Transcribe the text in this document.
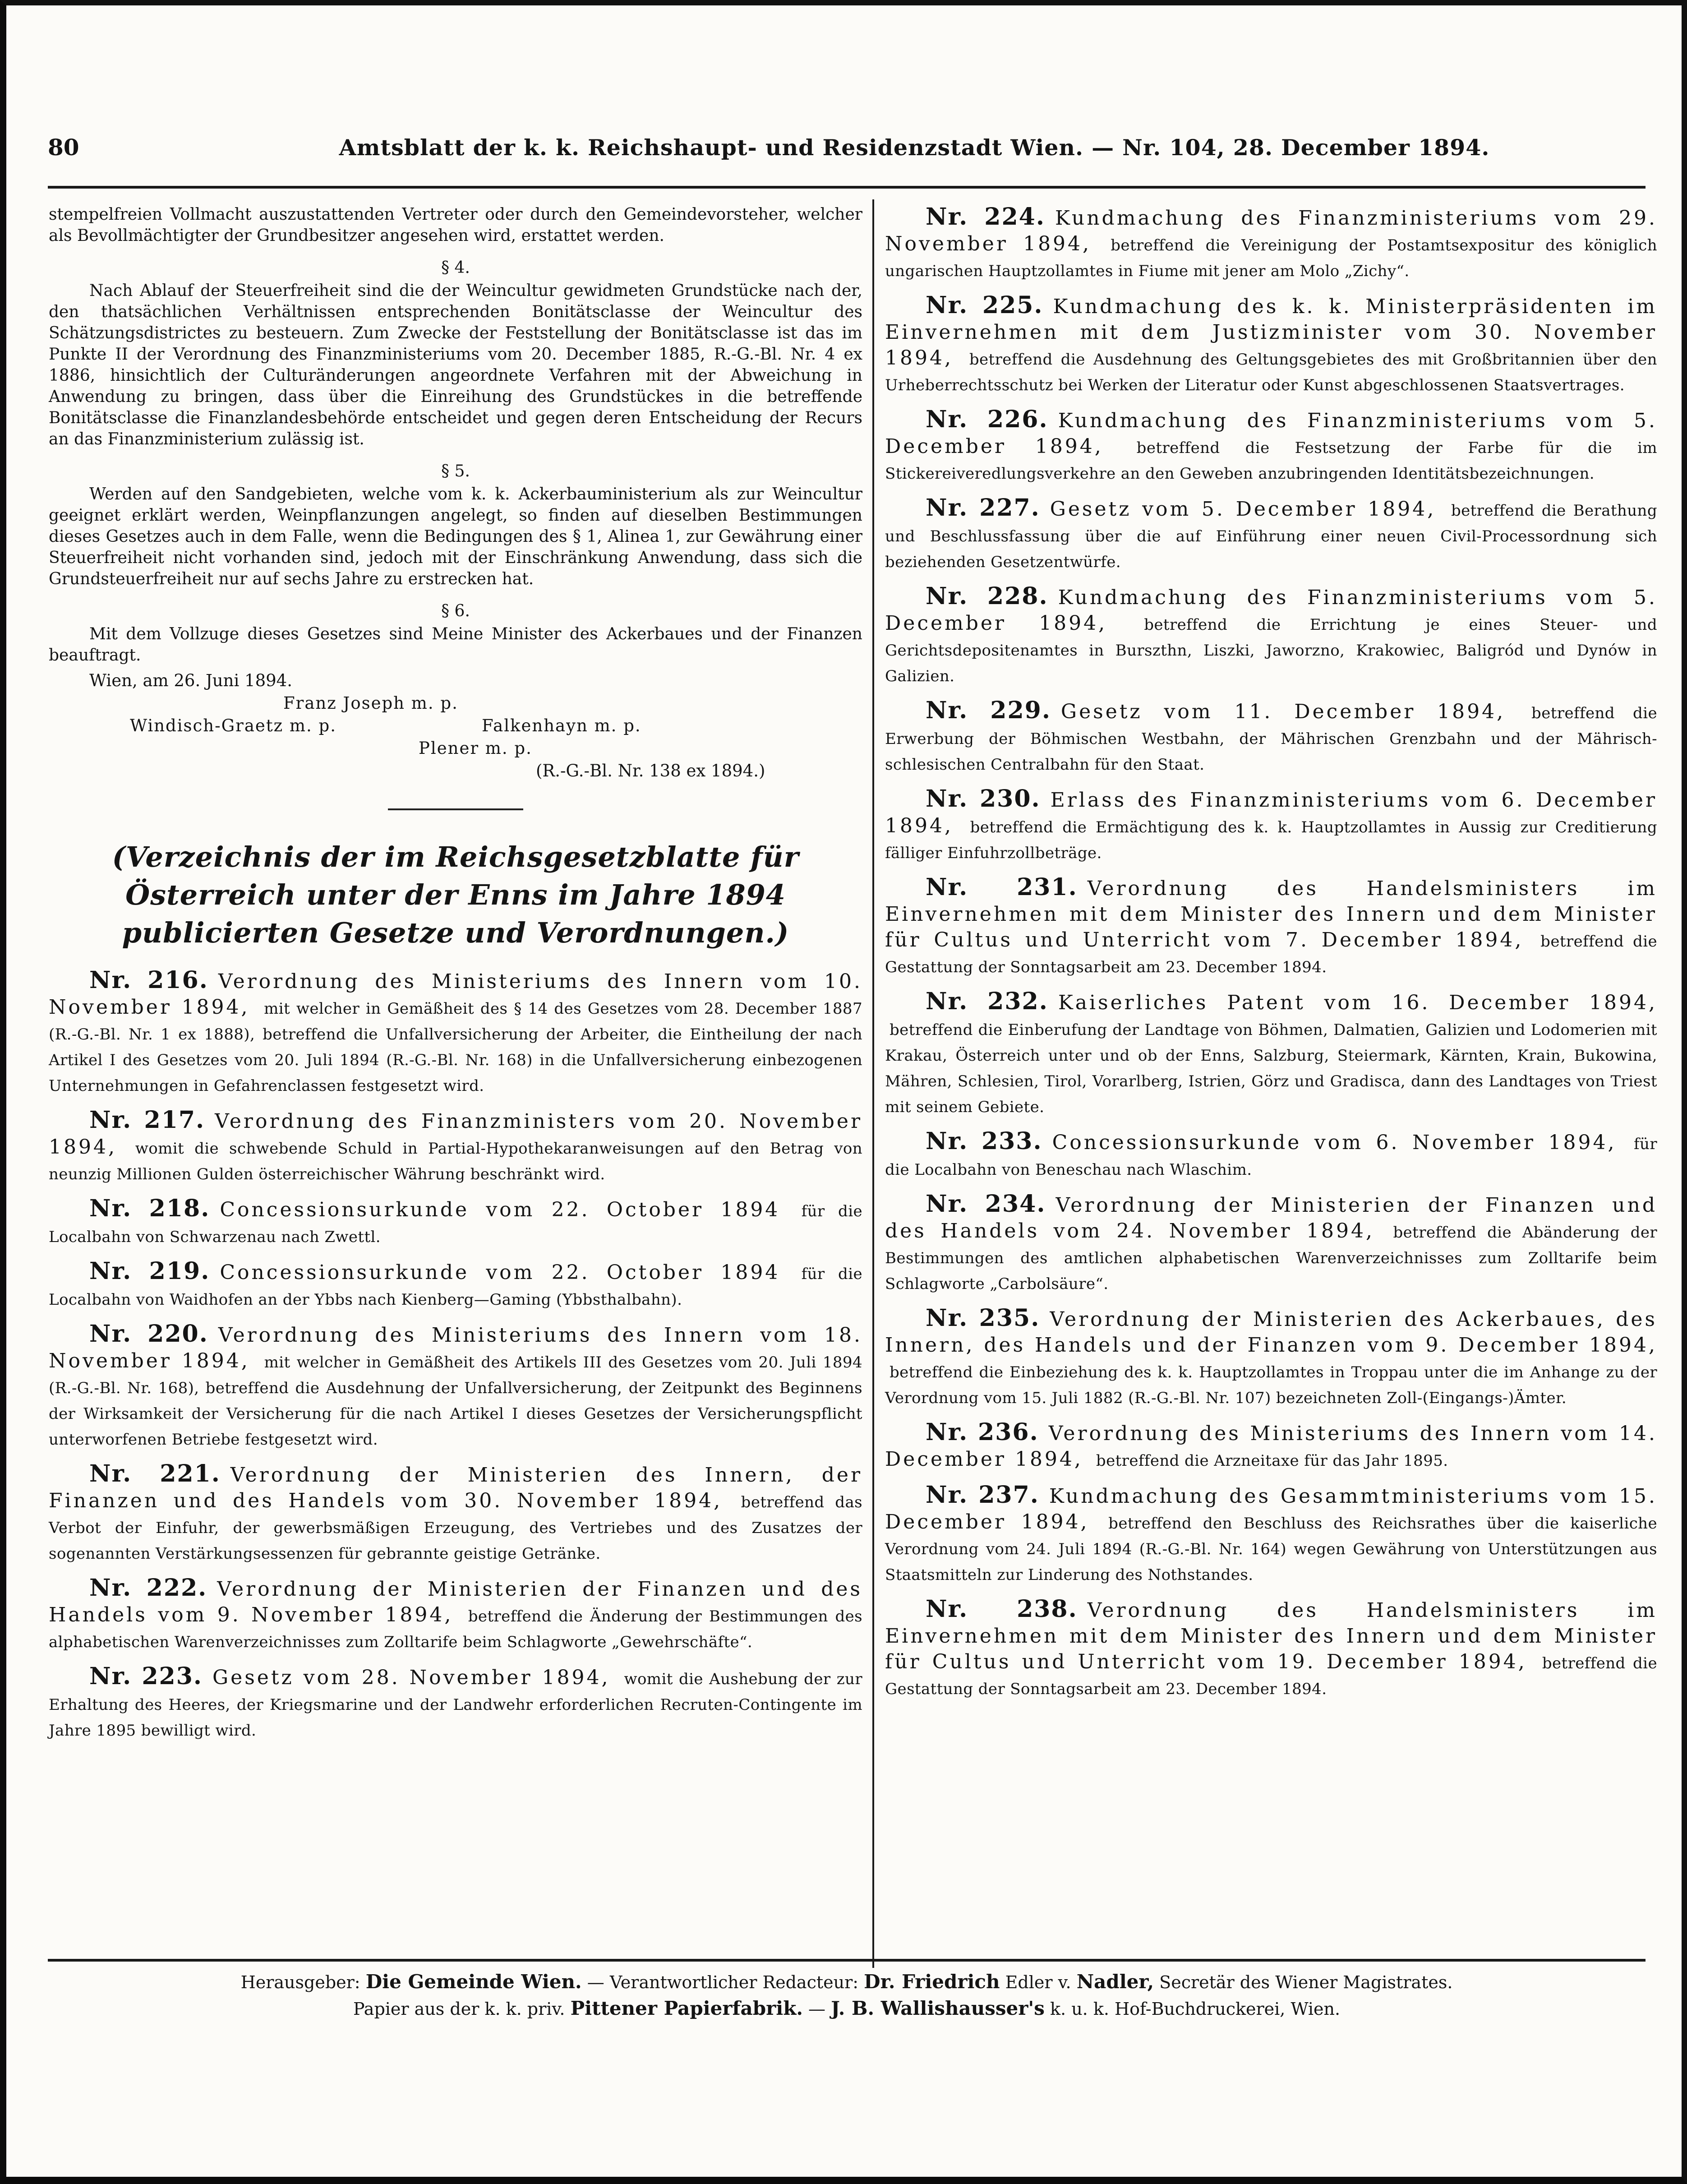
80	Amtsblatt der k. k. Reichshaupt- und Residenzstadt Wien. — Nr. 104, 28. December 1894.

stempelfreien Vollmacht auszustattenden Vertreter oder durch den Gemeindevorsteher, welcher als Bevollmächtigter der Grundbesitzer angesehen wird, erstattet werden.

§ 4.

Nach Ablauf der Steuerfreiheit sind die der Weincultur gewidmeten Grundstücke nach der, den thatsächlichen Verhältnissen entsprechenden Bonitätsclasse der Weincultur des Schätzungsdistrictes zu besteuern. Zum Zwecke der Feststellung der Bonitätsclasse ist das im Punkte II der Verordnung des Finanzministeriums vom 20. December 1885, R.-G.-Bl. Nr. 4 ex 1886, hinsichtlich der Culturänderungen angeordnete Verfahren mit der Abweichung in Anwendung zu bringen, dass über die Einreihung des Grundstückes in die betreffende Bonitätsclasse die Finanzlandesbehörde entscheidet und gegen deren Entscheidung der Recurs an das Finanzministerium zulässig ist.

§ 5.

Werden auf den Sandgebieten, welche vom k. k. Ackerbauministerium als zur Weincultur geeignet erklärt werden, Weinpflanzungen angelegt, so finden auf dieselben Bestimmungen dieses Gesetzes auch in dem Falle, wenn die Bedingungen des § 1, Alinea 1, zur Gewährung einer Steuerfreiheit nicht vorhanden sind, jedoch mit der Einschränkung Anwendung, dass sich die Grundsteuerfreiheit nur auf sechs Jahre zu erstrecken hat.

§ 6.

Mit dem Vollzuge dieses Gesetzes sind Meine Minister des Ackerbaues und der Finanzen beauftragt.

Wien, am 26. Juni 1894.
Franz Joseph m. p.
Windisch-Graetz m. p.	Falkenhayn m. p.
Plener m. p.
(R.-G.-Bl. Nr. 138 ex 1894.)
(Verzeichnis der im Reichsgesetzblatte für Österreich unter der Enns im Jahre 1894 publicierten Gesetze und Verordnungen.)

Nr. 216. Verordnung des Ministeriums des Innern vom 10. November 1894, mit welcher in Gemäßheit des § 14 des Gesetzes vom 28. December 1887 (R.-G.-Bl. Nr. 1 ex 1888), betreffend die Unfallversicherung der Arbeiter, die Eintheilung der nach Artikel I des Gesetzes vom 20. Juli 1894 (R.-G.-Bl. Nr. 168) in die Unfallversicherung einbezogenen Unternehmungen in Gefahrenclassen festgesetzt wird.

Nr. 217. Verordnung des Finanzministers vom 20. November 1894, womit die schwebende Schuld in Partial-Hypothekaranweisungen auf den Betrag von neunzig Millionen Gulden österreichischer Währung beschränkt wird.

Nr. 218. Concessionsurkunde vom 22. October 1894 für die Localbahn von Schwarzenau nach Zwettl.

Nr. 219. Concessionsurkunde vom 22. October 1894 für die Localbahn von Waidhofen an der Ybbs nach Kienberg—Gaming (Ybbsthalbahn).

Nr. 220. Verordnung des Ministeriums des Innern vom 18. November 1894, mit welcher in Gemäßheit des Artikels III des Gesetzes vom 20. Juli 1894 (R.-G.-Bl. Nr. 168), betreffend die Ausdehnung der Unfallversicherung, der Zeitpunkt des Beginnens der Wirksamkeit der Versicherung für die nach Artikel I dieses Gesetzes der Versicherungspflicht unterworfenen Betriebe festgesetzt wird.

Nr. 221. Verordnung der Ministerien des Innern, der Finanzen und des Handels vom 30. November 1894, betreffend das Verbot der Einfuhr, der gewerbsmäßigen Erzeugung, des Vertriebes und des Zusatzes der sogenannten Verstärkungsessenzen für gebrannte geistige Getränke.

Nr. 222. Verordnung der Ministerien der Finanzen und des Handels vom 9. November 1894, betreffend die Änderung der Bestimmungen des alphabetischen Warenverzeichnisses zum Zolltarife beim Schlagworte „Gewehrschäfte“.

Nr. 223. Gesetz vom 28. November 1894, womit die Aushebung der zur Erhaltung des Heeres, der Kriegsmarine und der Landwehr erforderlichen Recruten-Contingente im Jahre 1895 bewilligt wird.

Nr. 224. Kundmachung des Finanzministeriums vom 29. November 1894, betreffend die Vereinigung der Postamtsexpositur des königlich ungarischen Hauptzollamtes in Fiume mit jener am Molo „Zichy“.

Nr. 225. Kundmachung des k. k. Ministerpräsidenten im Einvernehmen mit dem Justizminister vom 30. November 1894, betreffend die Ausdehnung des Geltungsgebietes des mit Großbritannien über den Urheberrechtsschutz bei Werken der Literatur oder Kunst abgeschlossenen Staatsvertrages.

Nr. 226. Kundmachung des Finanzministeriums vom 5. December 1894, betreffend die Festsetzung der Farbe für die im Stickereiveredlungsverkehre an den Geweben anzubringenden Identitätsbezeichnungen.

Nr. 227. Gesetz vom 5. December 1894, betreffend die Berathung und Beschlussfassung über die auf Einführung einer neuen Civil-Processordnung sich beziehenden Gesetzentwürfe.

Nr. 228. Kundmachung des Finanzministeriums vom 5. December 1894, betreffend die Errichtung je eines Steuer- und Gerichtsdepositenamtes in Burszthn, Liszki, Jaworzno, Krakowiec, Baligród und Dynów in Galizien.

Nr. 229. Gesetz vom 11. December 1894, betreffend die Erwerbung der Böhmischen Westbahn, der Mährischen Grenzbahn und der Mährisch-schlesischen Centralbahn für den Staat.

Nr. 230. Erlass des Finanzministeriums vom 6. December 1894, betreffend die Ermächtigung des k. k. Hauptzollamtes in Aussig zur Creditierung fälliger Einfuhrzollbeträge.

Nr. 231. Verordnung des Handelsministers im Einvernehmen mit dem Minister des Innern und dem Minister für Cultus und Unterricht vom 7. December 1894, betreffend die Gestattung der Sonntagsarbeit am 23. December 1894.

Nr. 232. Kaiserliches Patent vom 16. December 1894, betreffend die Einberufung der Landtage von Böhmen, Dalmatien, Galizien und Lodomerien mit Krakau, Österreich unter und ob der Enns, Salzburg, Steiermark, Kärnten, Krain, Bukowina, Mähren, Schlesien, Tirol, Vorarlberg, Istrien, Görz und Gradisca, dann des Landtages von Triest mit seinem Gebiete.

Nr. 233. Concessionsurkunde vom 6. November 1894, für die Localbahn von Beneschau nach Wlaschim.

Nr. 234. Verordnung der Ministerien der Finanzen und des Handels vom 24. November 1894, betreffend die Abänderung der Bestimmungen des amtlichen alphabetischen Warenverzeichnisses zum Zolltarife beim Schlagworte „Carbolsäure“.

Nr. 235. Verordnung der Ministerien des Ackerbaues, des Innern, des Handels und der Finanzen vom 9. December 1894, betreffend die Einbeziehung des k. k. Hauptzollamtes in Troppau unter die im Anhange zu der Verordnung vom 15. Juli 1882 (R.-G.-Bl. Nr. 107) bezeichneten Zoll-(Eingangs-)Ämter.

Nr. 236. Verordnung des Ministeriums des Innern vom 14. December 1894, betreffend die Arzneitaxe für das Jahr 1895.

Nr. 237. Kundmachung des Gesammtministeriums vom 15. December 1894, betreffend den Beschluss des Reichsrathes über die kaiserliche Verordnung vom 24. Juli 1894 (R.-G.-Bl. Nr. 164) wegen Gewährung von Unterstützungen aus Staatsmitteln zur Linderung des Nothstandes.

Nr. 238. Verordnung des Handelsministers im Einvernehmen mit dem Minister des Innern und dem Minister für Cultus und Unterricht vom 19. December 1894, betreffend die Gestattung der Sonntagsarbeit am 23. December 1894.

Herausgeber: Die Gemeinde Wien. — Verantwortlicher Redacteur: Dr. Friedrich Edler v. Nadler, Secretär des Wiener Magistrates.
Papier aus der k. k. priv. Pittener Papierfabrik. — J. B. Wallishausser's k. u. k. Hof-Buchdruckerei, Wien.
